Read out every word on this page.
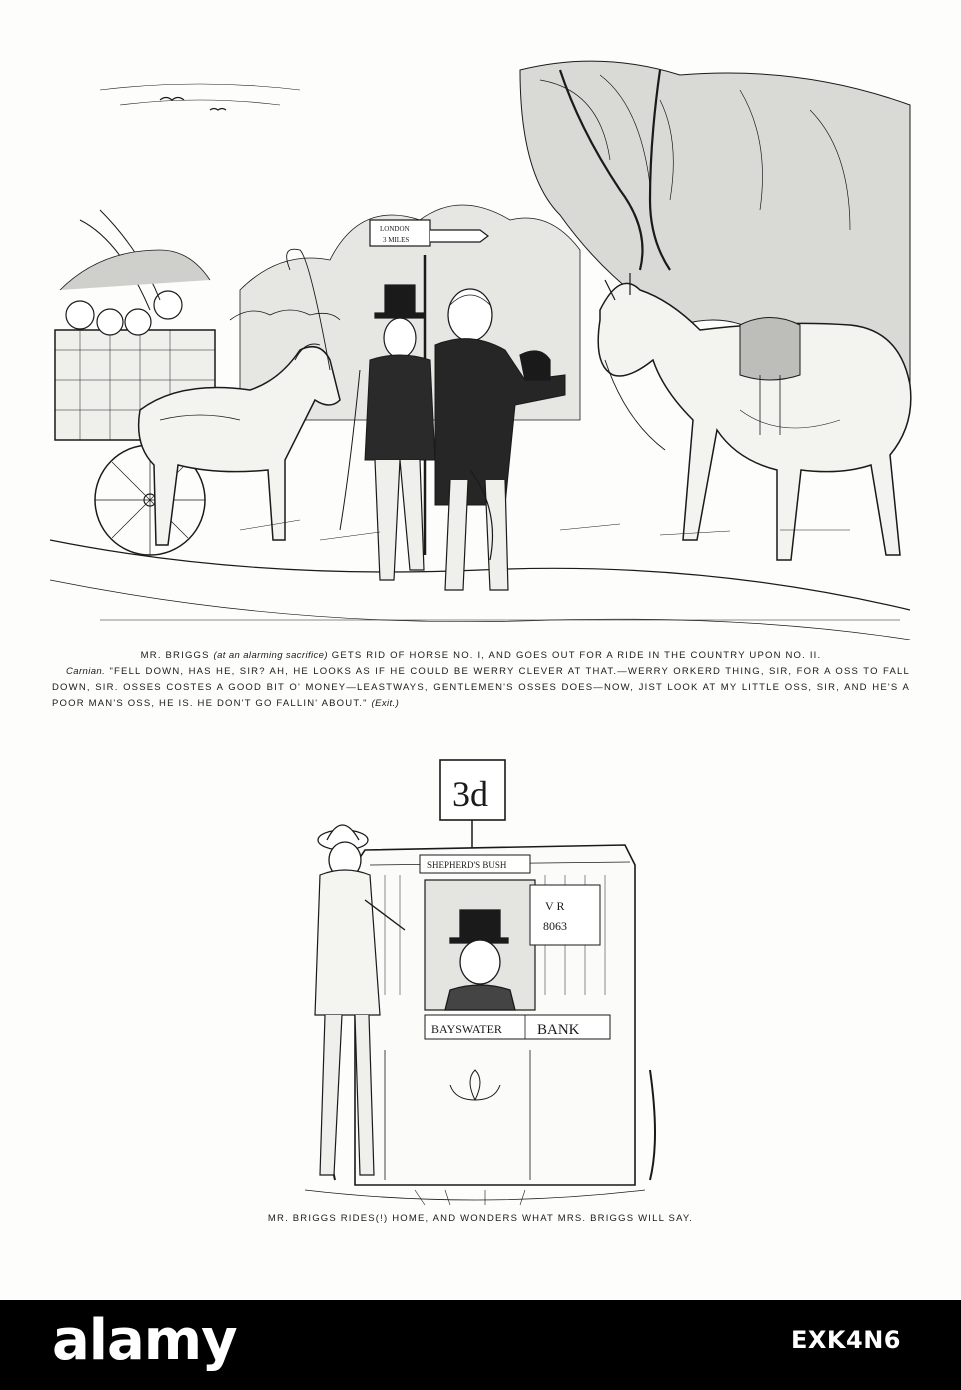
LONDON
3 MILES
MR. BRIGGS (at an alarming sacrifice) GETS RID OF HORSE NO. I, AND GOES OUT FOR A RIDE IN THE COUNTRY UPON NO. II.
Carnian. "FELL DOWN, HAS HE, SIR? AH, HE LOOKS AS IF HE COULD BE WERRY CLEVER AT THAT.—WERRY ORKERD THING, SIR, FOR A OSS TO FALL DOWN, SIR. OSSES COSTES A GOOD BIT O' MONEY—LEASTWAYS, GENTLEMEN'S OSSES DOES—NOW, JIST LOOK AT MY LITTLE OSS, SIR, AND HE'S A POOR MAN'S OSS, HE IS. HE DON'T GO FALLIN' ABOUT." (Exit.)
3d
SHEPHERD'S BUSH
V R
8063
BAYSWATER BANK
MR. BRIGGS RIDES(!) HOME, AND WONDERS WHAT MRS. BRIGGS WILL SAY.
alamy	EXK4N6
